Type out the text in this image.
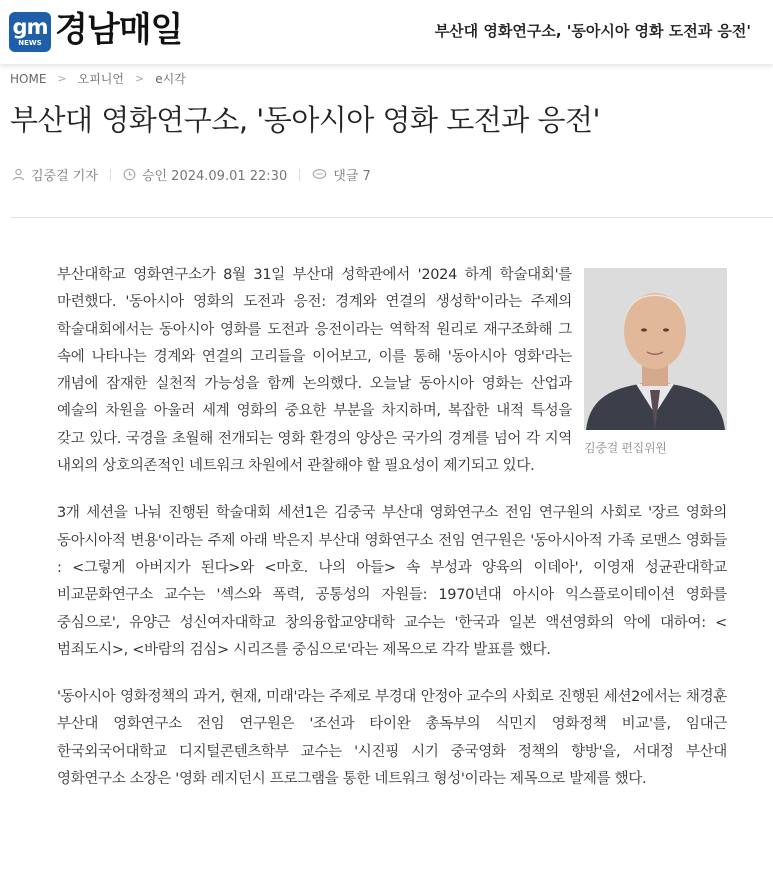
gm
NEWS 경남매일	부산대 영화연구소, '동아시아 영화 도전과 응전'
HOME > 오피니언 > e시각
부산대 영화연구소, '동아시아 영화 도전과 응전'
김중걸 기자	승인 2024.09.01 22:30	댓글 7
김중걸 편집위원

부산대학교 영화연구소가 8월 31일 부산대 성학관에서 '2024 하계 학술대회'를 마련했다. '동아시아 영화의 도전과 응전: 경계와 연결의 생성학'이라는 주제의 학술대회에서는 동아시아 영화를 도전과 응전이라는 역학적 원리로 재구조화해 그 속에 나타나는 경계와 연결의 고리들을 이어보고, 이를 통해 '동아시아 영화'라는 개념에 잠재한 실천적 가능성을 함께 논의했다. 오늘날 동아시아 영화는 산업과 예술의 차원을 아울러 세계 영화의 중요한 부분을 차지하며, 복잡한 내적 특성을 갖고 있다. 국경을 초월해 전개되는 영화 환경의 양상은 국가의 경계를 넘어 각 지역 내외의 상호의존적인 네트워크 차원에서 관찰해야 할 필요성이 제기되고 있다.

3개 세션을 나눠 진행된 학술대회 세션1은 김중국 부산대 영화연구소 전임 연구원의 사회로 '장르 영화의 동아시아적 변용'이라는 주제 아래 박은지 부산대 영화연구소 전임 연구원은 '동아시아적 가족 로맨스 영화들 : <그렇게 아버지가 된다>와 <마호. 나의 아들> 속 부성과 양육의 이데아', 이영재 성균관대학교 비교문화연구소 교수는 '섹스와 폭력, 공통성의 자원들: 1970년대 아시아 익스플로이테이션 영화를 중심으로', 유양근 성신여자대학교 창의융합교양대학 교수는 '한국과 일본 액션영화의 악에 대하여: <범죄도시>, <바람의 검심> 시리즈를 중심으로'라는 제목으로 각각 발표를 했다.

'동아시아 영화정책의 과거, 현재, 미래'라는 주제로 부경대 안정아 교수의 사회로 진행된 세션2에서는 채경훈 부산대 영화연구소 전임 연구원은 '조선과 타이완 총독부의 식민지 영화정책 비교'를, 임대근 한국외국어대학교 디지털콘텐츠학부 교수는 '시진핑 시기 중국영화 정책의 향방'을, 서대정 부산대 영화연구소 소장은 '영화 레지던시 프로그램을 통한 네트워크 형성'이라는 제목으로 발제를 했다.
